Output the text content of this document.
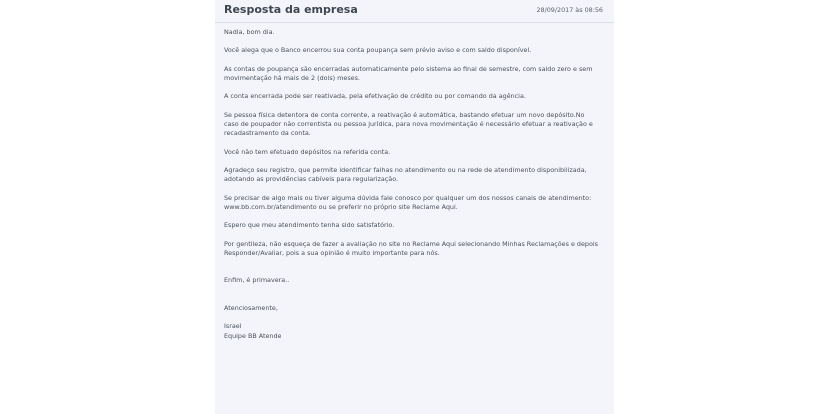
Resposta da empresa	28/09/2017 às 08:56

Nadia, bom dia.

Você alega que o Banco encerrou sua conta poupança sem prévio aviso e com saldo disponível.

As contas de poupança são encerradas automaticamente pelo sistema ao final de semestre, com saldo zero e sem
movimentação há mais de 2 (dois) meses.

A conta encerrada pode ser reativada, pela efetivação de crédito ou por comando da agência.

Se pessoa física detentora de conta corrente, a reativação é automática, bastando efetuar um novo depósito.No
caso de poupador não correntista ou pessoa jurídica, para nova movimentação é necessário efetuar a reativação e
recadastramento da conta.

Você não tem efetuado depósitos na referida conta.

Agradeço seu registro, que permite identificar falhas no atendimento ou na rede de atendimento disponibilizada,
adotando as providências cabíveis para regularização.

Se precisar de algo mais ou tiver alguma dúvida fale conosco por qualquer um dos nossos canais de atendimento:
www.bb.com.br/atendimento ou se preferir no próprio site Reclame Aqui.

Espero que meu atendimento tenha sido satisfatório.

Por gentileza, não esqueça de fazer a avaliação no site no Reclame Aqui selecionando Minhas Reclamações e depois
Responder/Avaliar, pois a sua opinião é muito importante para nós.

Enfim, é primavera..

Atenciosamente,

Israel
Equipe BB Atende
